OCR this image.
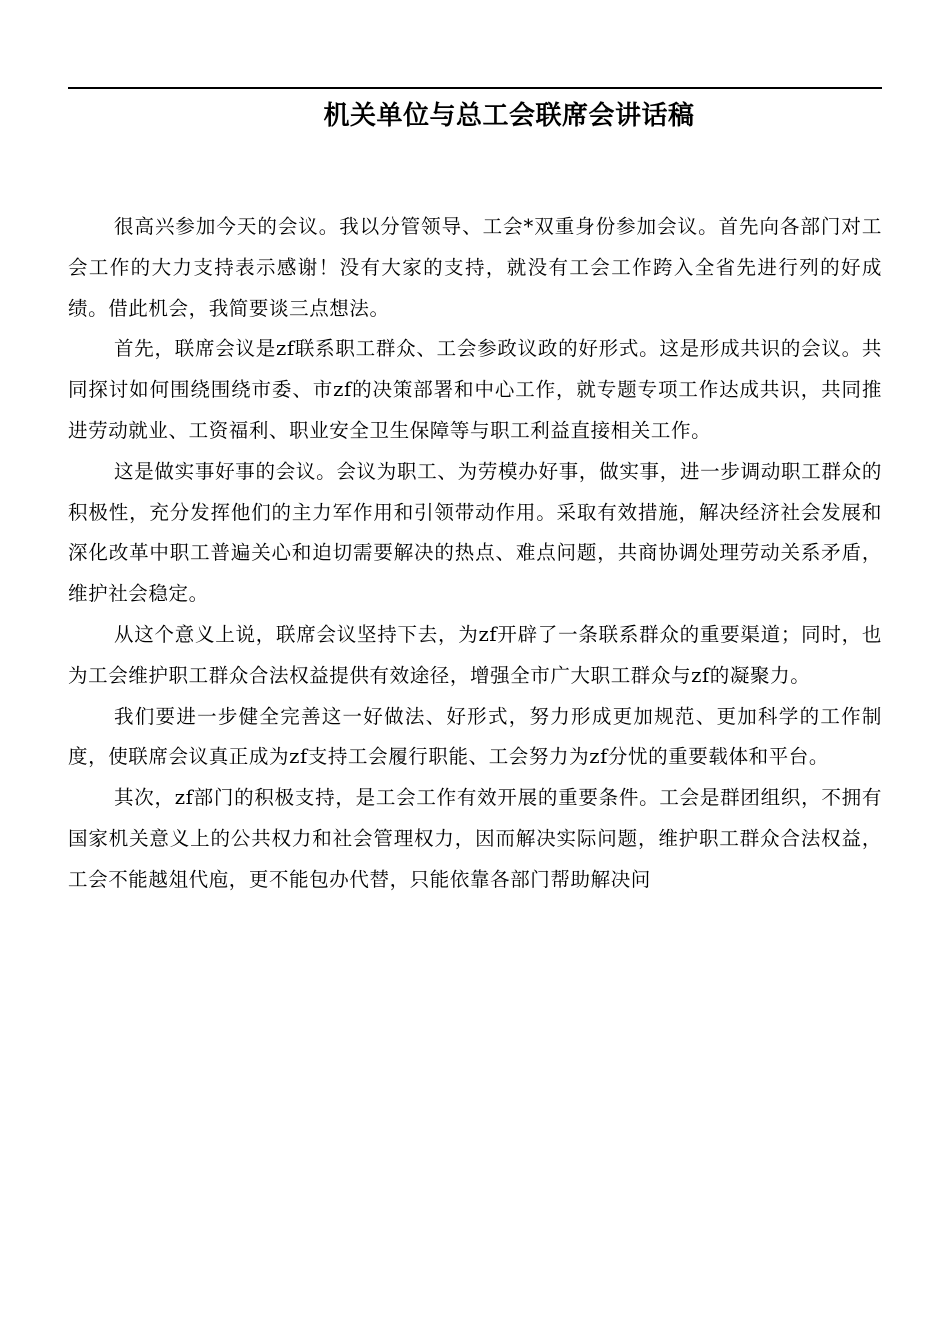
机关单位与总工会联席会讲话稿

很高兴参加今天的会议。我以分管领导、工会*双重身份参加会议。首先向各部门对工会工作的大力支持表示感谢！没有大家的支持，就没有工会工作跨入全省先进行列的好成绩。借此机会，我简要谈三点想法。

首先，联席会议是zf联系职工群众、工会参政议政的好形式。这是形成共识的会议。共同探讨如何围绕围绕市委、市zf的决策部署和中心工作，就专题专项工作达成共识，共同推进劳动就业、工资福利、职业安全卫生保障等与职工利益直接相关工作。

这是做实事好事的会议。会议为职工、为劳模办好事，做实事，进一步调动职工群众的积极性，充分发挥他们的主力军作用和引领带动作用。采取有效措施，解决经济社会发展和深化改革中职工普遍关心和迫切需要解决的热点、难点问题，共商协调处理劳动关系矛盾，维护社会稳定。

从这个意义上说，联席会议坚持下去，为zf开辟了一条联系群众的重要渠道；同时，也为工会维护职工群众合法权益提供有效途径，增强全市广大职工群众与zf的凝聚力。

我们要进一步健全完善这一好做法、好形式，努力形成更加规范、更加科学的工作制度，使联席会议真正成为zf支持工会履行职能、工会努力为zf分忧的重要载体和平台。

其次，zf部门的积极支持，是工会工作有效开展的重要条件。工会是群团组织，不拥有国家机关意义上的公共权力和社会管理权力，因而解决实际问题，维护职工群众合法权益，工会不能越俎代庖，更不能包办代替，只能依靠各部门帮助解决问
